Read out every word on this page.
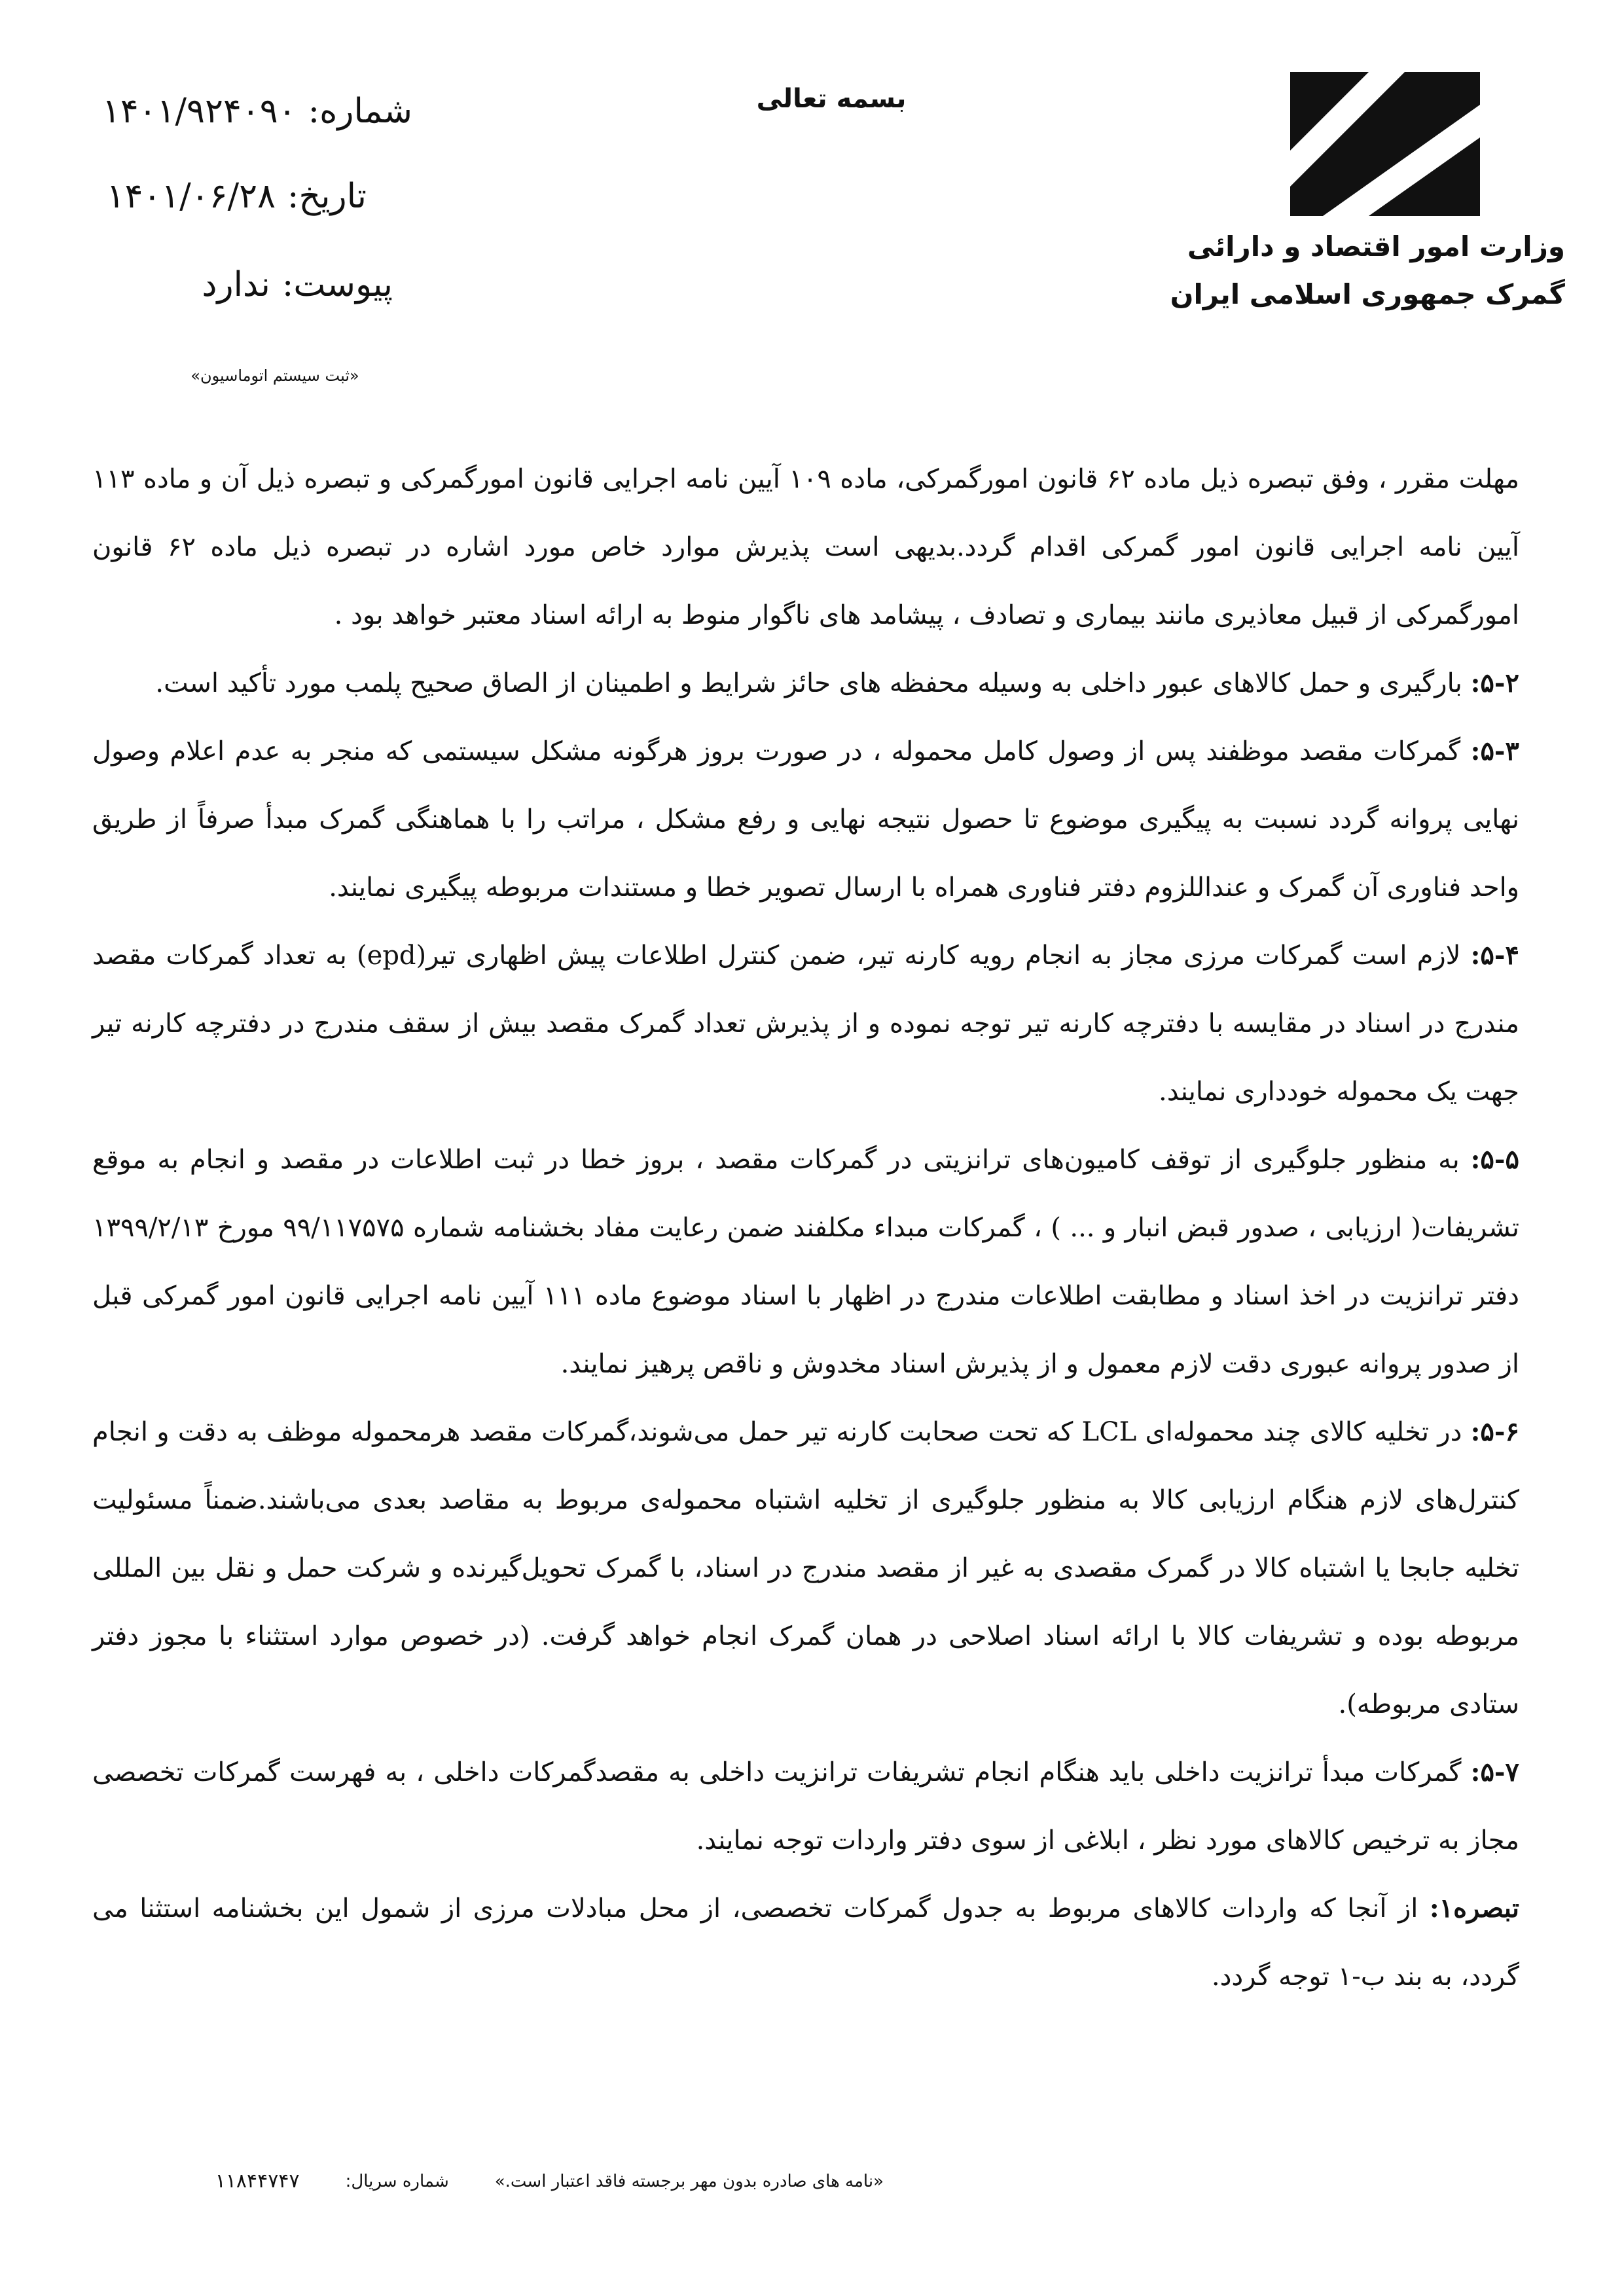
وزارت امور اقتصاد و دارائی
گمرک جمهوری اسلامی ایران
بسمه تعالی
شماره:۱۴۰۱/۹۲۴۰۹۰
تاریخ:۱۴۰۱/۰۶/۲۸
پیوست:ندارد
«ثبت سیستم اتوماسیون»

مهلت مقرر ، وفق تبصره ذیل ماده ۶۲ قانون امورگمرکی، ماده ۱۰۹ آیین نامه اجرایی قانون امورگمرکی و تبصره ذیل آن و ماده ۱۱۳ آیین نامه اجرایی قانون امور گمرکی اقدام گردد.بدیهی است پذیرش موارد خاص مورد اشاره در تبصره ذیل ماده ۶۲ قانون امورگمرکی از قبیل معاذیری مانند بیماری و تصادف ، پیشامد های ناگوار منوط به ارائه اسناد معتبر خواهد بود .

۵-۲: بارگیری و حمل کالاهای عبور داخلی به وسیله محفظه های حائز شرایط و اطمینان از الصاق صحیح پلمب مورد تأکید است.

۵-۳: گمرکات مقصد موظفند پس از وصول کامل محموله ، در صورت بروز هرگونه مشکل سیستمی که منجر به عدم اعلام وصول نهایی پروانه گردد نسبت به پیگیری موضوع تا حصول نتیجه نهایی و رفع مشکل ، مراتب را با هماهنگی گمرک مبدأ صرفاً از طریق واحد فناوری آن گمرک و عنداللزوم دفتر فناوری همراه با ارسال تصویر خطا و مستندات مربوطه پیگیری نمایند.

۵-۴: لازم است گمرکات مرزی مجاز به انجام رویه کارنه تیر، ضمن کنترل اطلاعات پیش اظهاری تیر(epd) به تعداد گمرکات مقصد مندرج در اسناد در مقایسه با دفترچه کارنه تیر توجه نموده و از پذیرش تعداد گمرک مقصد بیش از سقف مندرج در دفترچه کارنه تیر جهت یک محموله خودداری نمایند.

۵-۵: به منظور جلوگیری از توقف کامیون‌های ترانزیتی در گمرکات مقصد ، بروز خطا در ثبت اطلاعات در مقصد و انجام به موقع تشریفات( ارزیابی ، صدور قبض انبار و ... ) ، گمرکات مبداء مکلفند ضمن رعایت مفاد بخشنامه شماره ۹۹/۱۱۷۵۷۵ مورخ ۱۳۹۹/۲/۱۳ دفتر ترانزیت در اخذ اسناد و مطابقت اطلاعات مندرج در اظهار با اسناد موضوع ماده ۱۱۱ آیین نامه اجرایی قانون امور گمرکی قبل از صدور پروانه عبوری دقت لازم معمول و از پذیرش اسناد مخدوش و ناقص پرهیز نمایند.

۵-۶: در تخلیه کالای چند محموله‌ای LCL که تحت صحابت کارنه تیر حمل می‌شوند،گمرکات مقصد هرمحموله موظف به دقت و انجام کنترل‌های لازم هنگام ارزیابی کالا به منظور جلوگیری از تخلیه اشتباه محموله‌ی مربوط به مقاصد بعدی می‌باشند.ضمناً مسئولیت تخلیه جابجا یا اشتباه کالا در گمرک مقصدی به غیر از مقصد مندرج در اسناد، با گمرک تحویل‌گیرنده و شرکت حمل و نقل بین المللی مربوطه بوده و تشریفات کالا با ارائه اسناد اصلاحی در همان گمرک انجام خواهد گرفت. (در خصوص موارد استثناء با مجوز دفتر ستادی مربوطه).

۵-۷: گمرکات مبدأ ترانزیت داخلی باید هنگام انجام تشریفات ترانزیت داخلی به مقصدگمرکات داخلی ، به فهرست گمرکات تخصصی مجاز به ترخیص کالاهای مورد نظر ، ابلاغی از سوی دفتر واردات توجه نمایند.

تبصره۱: از آنجا که واردات کالاهای مربوط به جدول گمرکات تخصصی، از محل مبادلات مرزی از شمول این بخشنامه استثنا می گردد، به بند ب-۱ توجه گردد.

«نامه های صادره بدون مهر برجسته فاقد اعتبار است.»
شماره سریال:
۱۱۸۴۴۷۴۷
